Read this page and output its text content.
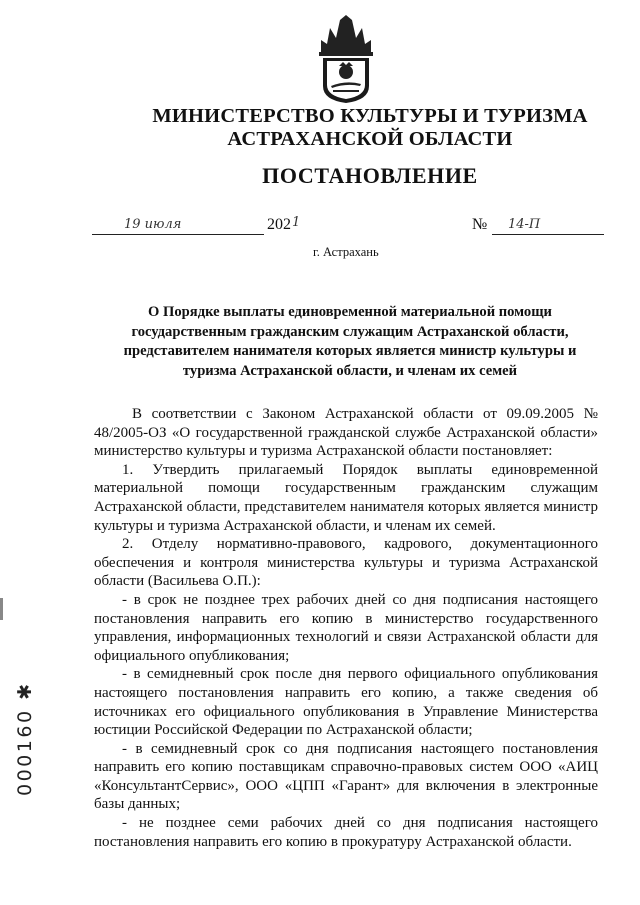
МИНИСТЕРСТВО КУЛЬТУРЫ И ТУРИЗМА
АСТРАХАНСКОЙ ОБЛАСТИ
ПОСТАНОВЛЕНИЕ
19 июля	202 1	№ 14-П
г. Астрахань
О Порядке выплаты единовременной материальной помощи
государственным гражданским служащим Астраханской области,
представителем нанимателя которых является министр культуры и
туризма Астраханской области, и членам их семей

В соответствии с Законом Астраханской области от 09.09.2005 № 48/2005-ОЗ «О государственной гражданской службе Астраханской области» министерство культуры и туризма Астраханской области постановляет:

1. Утвердить прилагаемый Порядок выплаты единовременной материальной помощи государственным гражданским служащим Астраханской области, представителем нанимателя которых является министр культуры и туризма Астраханской области, и членам их семей.

2. Отделу нормативно-правового, кадрового, документационного обеспечения и контроля министерства культуры и туризма Астраханской области (Васильева О.П.):

- в срок не позднее трех рабочих дней со дня подписания настоящего постановления направить его копию в министерство государственного управления, информационных технологий и связи Астраханской области для официального опубликования;

- в семидневный срок после дня первого официального опубликования настоящего постановления направить его копию, а также сведения об источниках его официального опубликования в Управление Министерства юстиции Российской Федерации по Астраханской области;

- в семидневный срок со дня подписания настоящего постановления направить его копию поставщикам справочно-правовых систем ООО «АИЦ «КонсультантСервис», ООО «ЦПП «Гарант» для включения в электронные базы данных;

- не позднее семи рабочих дней со дня подписания настоящего постановления направить его копию в прокуратуру Астраханской области.

000160 ✱
